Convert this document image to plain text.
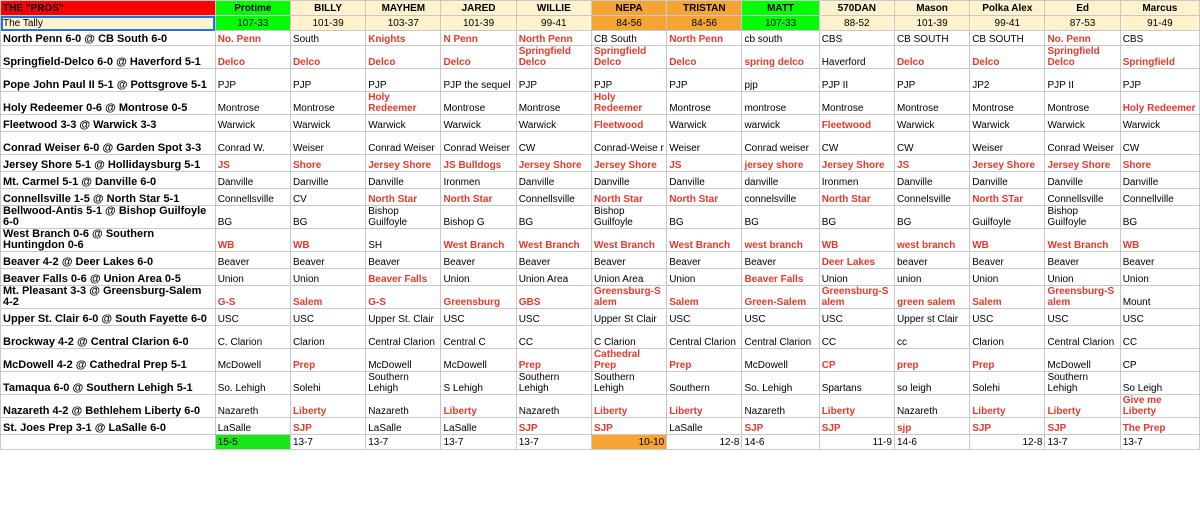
THE "PROS"	Protime	BILLY	MAYHEM	JARED	WILLIE	NEPA	TRISTAN	MATT	570DAN	Mason	Polka Alex	Ed	Marcus
The Tally	107-33	101-39	103-37	101-39	99-41	84-56	84-56	107-33	88-52	101-39	99-41	87-53	91-49
North Penn 6-0 @ CB South 6-0	No. Penn	South	Knights	N Penn	North Penn	CB South	North Penn	cb south	CBS	CB SOUTH	CB SOUTH	No. Penn	CBS
Springfield-Delco 6-0 @ Haverford 5-1	Delco	Delco	Delco	Delco	Springfield Delco	Springfield Delco	Delco	spring delco	Haverford	Delco	Delco	Springfield Delco	Springfield
Pope John Paul II 5-1 @ Pottsgrove 5-1	PJP	PJP	PJP	PJP the sequel	PJP	PJP	PJP	pjp	PJP II	PJP	JP2	PJP II	PJP
Holy Redeemer 0-6 @ Montrose 0-5	Montrose	Montrose	Holy Redeemer	Montrose	Montrose	Holy Redeemer	Montrose	montrose	Montrose	Montrose	Montrose	Montrose	Holy Redeemer
Fleetwood 3-3 @ Warwick 3-3	Warwick	Warwick	Warwick	Warwick	Warwick	Fleetwood	Warwick	warwick	Fleetwood	Warwick	Warwick	Warwick	Warwick
Conrad Weiser 6-0 @ Garden Spot 3-3	Conrad W.	Weiser	Conrad Weiser	Conrad Weiser	CW	Conrad-Weise r	Weiser	Conrad weiser	CW	CW	Weiser	Conrad Weiser	CW
Jersey Shore 5-1 @ Hollidaysburg 5-1	JS	Shore	Jersey Shore	JS Bulldogs	Jersey Shore	Jersey Shore	JS	jersey shore	Jersey Shore	JS	Jersey Shore	Jersey Shore	Shore
Mt. Carmel 5-1 @ Danville 6-0	Danville	Danville	Danville	Ironmen	Danville	Danville	Danville	danville	Ironmen	Danville	Danville	Danville	Danville
Connellsville 1-5 @ North Star 5-1	Connellsville	CV	North Star	North Star	Connellsville	North Star	North Star	connelsville	North Star	Connelsville	North STar	Connellsville	Connellville
Bellwood-Antis 5-1 @ Bishop Guilfoyle 6-0	BG	BG	Bishop Guilfoyle	Bishop G	BG	Bishop Guilfoyle	BG	BG	BG	BG	Guilfoyle	Bishop Guilfoyle	BG
West Branch 0-6 @ Southern Huntingdon 0-6	WB	WB	SH	West Branch	West Branch	West Branch	West Branch	west branch	WB	west branch	WB	West Branch	WB
Beaver 4-2 @ Deer Lakes 6-0	Beaver	Beaver	Beaver	Beaver	Beaver	Beaver	Beaver	Beaver	Deer Lakes	beaver	Beaver	Beaver	Beaver
Beaver Falls 0-6 @ Union Area 0-5	Union	Union	Beaver Falls	Union	Union Area	Union Area	Union	Beaver Falls	Union	union	Union	Union	Union
Mt. Pleasant 3-3 @ Greensburg-Salem 4-2	G-S	Salem	G-S	Greensburg	GBS	Greensburg-S alem	Salem	Green-Salem	Greensburg-S alem	green salem	Salem	Greensburg-S alem	Mount
Upper St. Clair 6-0 @ South Fayette 6-0	USC	USC	Upper St. Clair	USC	USC	Upper St Clair	USC	USC	USC	Upper st Clair	USC	USC	USC
Brockway 4-2 @ Central Clarion 6-0	C. Clarion	Clarion	Central Clarion	Central C	CC	C Clarion	Central Clarion	Central Clarion	CC	cc	Clarion	Central Clarion	CC
McDowell 4-2 @ Cathedral Prep 5-1	McDowell	Prep	McDowell	McDowell	Prep	Cathedral Prep	Prep	McDowell	CP	prep	Prep	McDowell	CP
Tamaqua 6-0 @ Southern Lehigh 5-1	So. Lehigh	Solehi	Southern Lehigh	S Lehigh	Southern Lehigh	Southern Lehigh	Southern	So. Lehigh	Spartans	so leigh	Solehi	Southern Lehigh	So Leigh
Nazareth 4-2 @ Bethlehem Liberty 6-0	Nazareth	Liberty	Nazareth	Liberty	Nazareth	Liberty	Liberty	Nazareth	Liberty	Nazareth	Liberty	Liberty	Give me Liberty
St. Joes Prep 3-1 @ LaSalle 6-0	LaSalle	SJP	LaSalle	LaSalle	SJP	SJP	LaSalle	SJP	SJP	sjp	SJP	SJP	The Prep
	15-5	13-7	13-7	13-7	13-7	10-10	12-8	14-6	11-9	14-6	12-8	13-7	13-7
